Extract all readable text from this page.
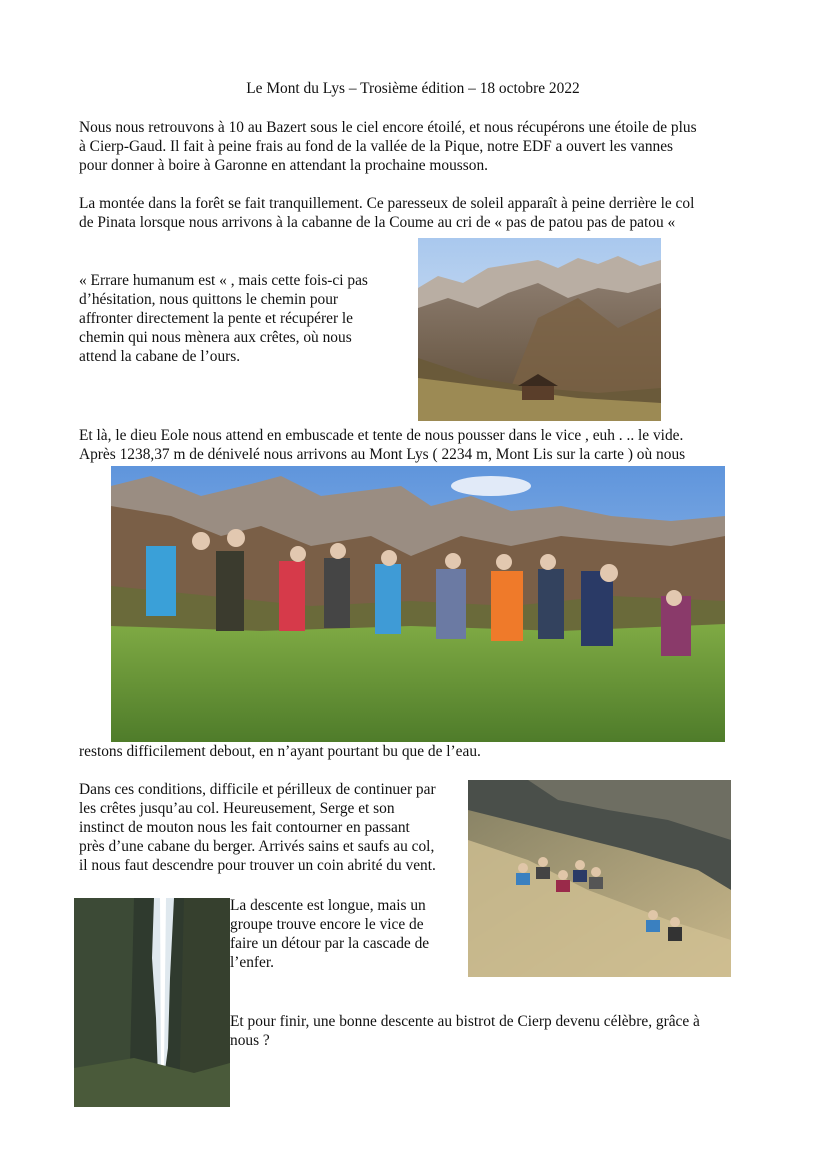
Le Mont du Lys – Trosième édition – 18 octobre 2022
Nous nous retrouvons à 10 au Bazert sous le ciel encore étoilé, et nous récupérons une étoile de plus
à Cierp-Gaud. Il fait à peine frais au fond de la vallée de la Pique, notre EDF a ouvert les vannes
pour donner à boire à Garonne en attendant la prochaine mousson.
La montée dans la forêt se fait tranquillement. Ce paresseux de soleil apparaît à peine derrière le col
de Pinata lorsque nous arrivons à la cabanne de la Coume au cri de « pas de patou pas de patou «
« Errare humanum est « , mais cette fois-ci pas
d’hésitation, nous quittons le chemin pour
affronter directement la pente et récupérer le
chemin qui nous mènera aux crêtes, où nous
attend la cabane de l’ours.
Et là, le dieu Eole nous attend en embuscade et tente de nous pousser dans le vice , euh . .. le vide.
Après 1238,37 m de dénivelé nous arrivons au Mont Lys ( 2234 m, Mont Lis sur la carte ) où nous
restons difficilement debout, en n’ayant pourtant bu que de l’eau.
Dans ces conditions, difficile et périlleux de continuer par
les crêtes jusqu’au col. Heureusement, Serge et son
instinct de mouton nous les fait contourner en passant
près d’une cabane du berger. Arrivés sains et saufs au col,
il nous faut descendre pour trouver un coin abrité du vent.
La descente est longue, mais un
groupe trouve encore le vice de
faire un détour par la cascade de
l’enfer.
Et pour finir, une bonne descente au bistrot de Cierp devenu célèbre, grâce à
nous ?
